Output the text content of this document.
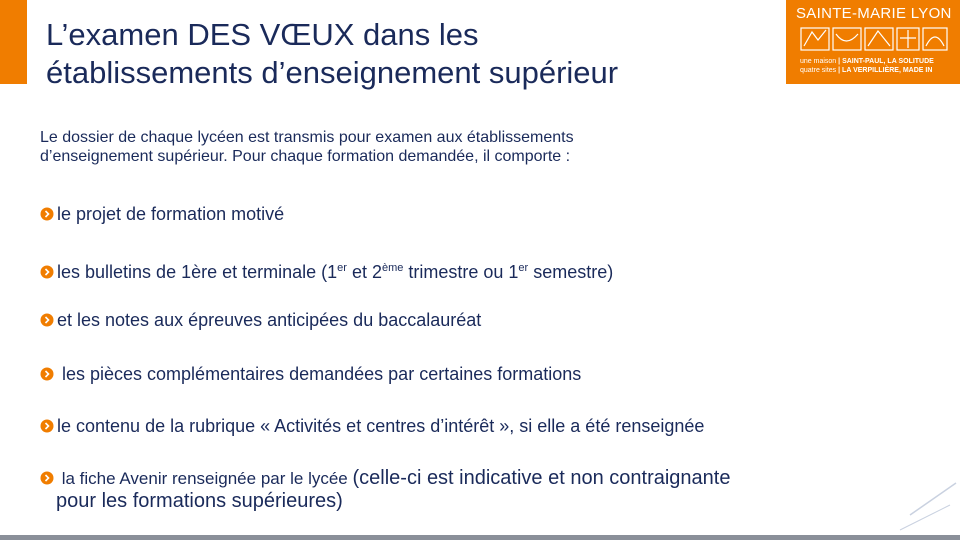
L’examen DES VŒUX dans les
établissements d’enseignement supérieur
SAINTE-MARIE LYON
une maison | SAINT-PAUL, LA SOLITUDE
quatre sites | LA VERPILLIÈRE, MADE IN

Le dossier de chaque lycéen est transmis pour examen aux établissements
d’enseignement supérieur. Pour chaque formation demandée, il comporte :

le projet de formation motivé

les bulletins de 1ère et terminale (1er et 2ème trimestre ou 1er semestre)

et les notes aux épreuves anticipées du baccalauréat

les pièces complémentaires demandées par certaines formations

le contenu de la rubrique « Activités et centres d’intérêt », si elle a été renseignée

la fiche Avenir renseignée par le lycée (celle-ci est indicative et non contraignante
pour les formations supérieures)
